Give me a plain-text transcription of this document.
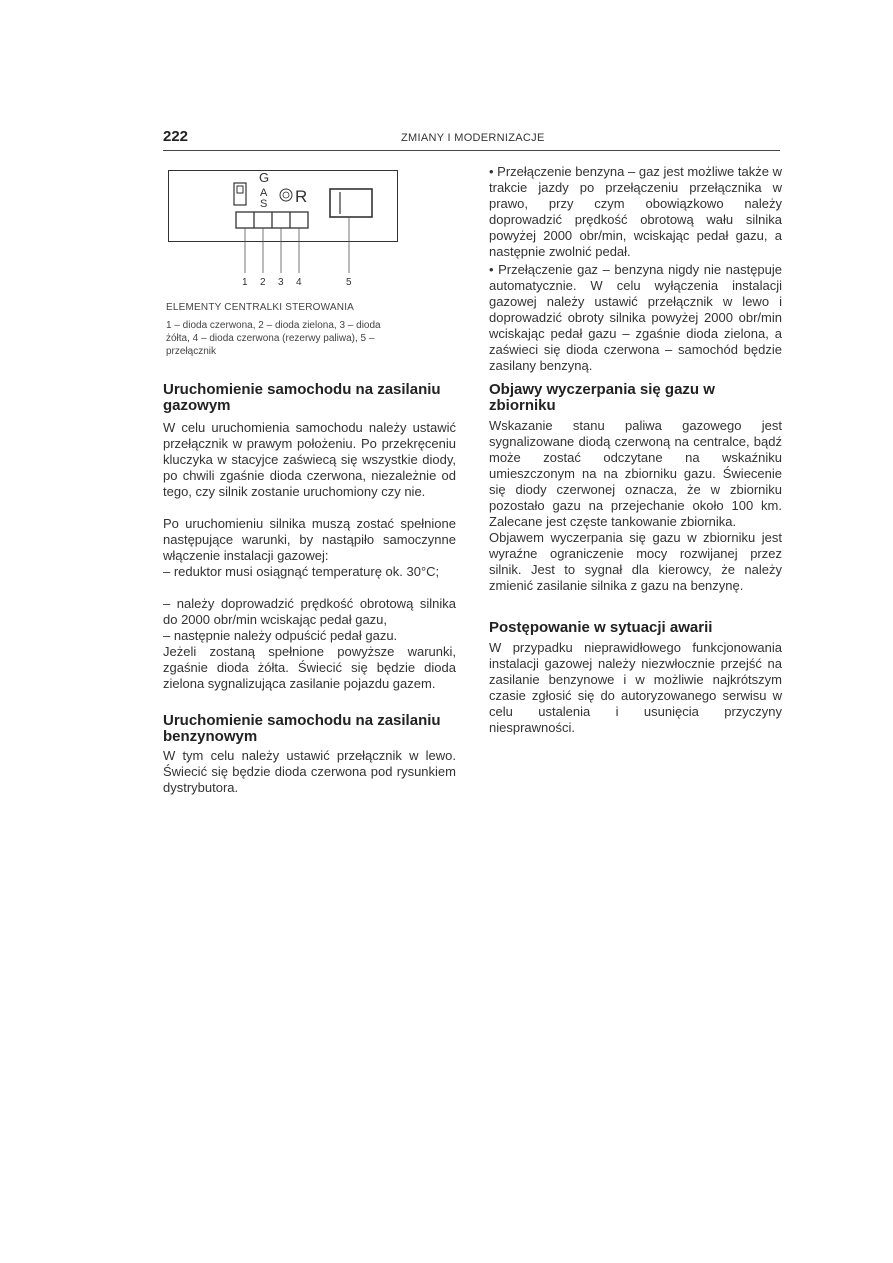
222	ZMIANY I MODERNIZACJE
G
A
S R
1 2 3 4	5
ELEMENTY CENTRALKI STEROWANIA
1 – dioda czerwona, 2 – dioda zielona, 3 – dioda żółta, 4 – dioda czerwona (rezerwy paliwa), 5 – przełącznik
Uruchomienie samochodu na zasilaniu gazowym
W celu uruchomienia samochodu należy ustawić przełącznik w prawym położeniu. Po przekręceniu kluczyka w stacyjce zaświecą się wszystkie diody, po chwili zgaśnie dioda czerwona, niezależnie od tego, czy silnik zostanie uruchomiony czy nie.
Po uruchomieniu silnika muszą zostać spełnione następujące warunki, by nastąpiło samoczynne włączenie instalacji gazowej:
– reduktor musi osiągnąć temperaturę ok. 30°C;
– należy doprowadzić prędkość obrotową silnika do 2000 obr/min wciskając pedał gazu,
– następnie należy odpuścić pedał gazu.
Jeżeli zostaną spełnione powyższe warunki, zgaśnie dioda żółta. Świecić się będzie dioda zielona sygnalizująca zasilanie pojazdu gazem.
Uruchomienie samochodu na zasilaniu benzynowym
W tym celu należy ustawić przełącznik w lewo. Świecić się będzie dioda czerwona pod rysunkiem dystrybutora.
• Przełączenie benzyna – gaz jest możliwe także w trakcie jazdy po przełączeniu przełącznika w prawo, przy czym obowiązkowo należy doprowadzić prędkość obrotową wału silnika powyżej 2000 obr/min, wciskając pedał gazu, a następnie zwolnić pedał.
• Przełączenie gaz – benzyna nigdy nie następuje automatycznie. W celu wyłączenia instalacji gazowej należy ustawić przełącznik w lewo i doprowadzić obroty silnika powyżej 2000 obr/min wciskając pedał gazu – zgaśnie dioda zielona, a zaświeci się dioda czerwona – samochód będzie zasilany benzyną.
Objawy wyczerpania się gazu w zbiorniku
Wskazanie stanu paliwa gazowego jest sygnalizowane diodą czerwoną na centralce, bądź może zostać odczytane na wskaźniku umieszczonym na na zbiorniku gazu. Świecenie się diody czerwonej oznacza, że w zbiorniku pozostało gazu na przejechanie około 100 km. Zalecane jest częste tankowanie zbiornika.
Objawem wyczerpania się gazu w zbiorniku jest wyraźne ograniczenie mocy rozwijanej przez silnik. Jest to sygnał dla kierowcy, że należy zmienić zasilanie silnika z gazu na benzynę.
Postępowanie w sytuacji awarii
W przypadku nieprawidłowego funkcjonowania instalacji gazowej należy niezwłocznie przejść na zasilanie benzynowe i w możliwie najkrótszym czasie zgłosić się do autoryzowanego serwisu w celu ustalenia i usunięcia przyczyny niesprawności.
